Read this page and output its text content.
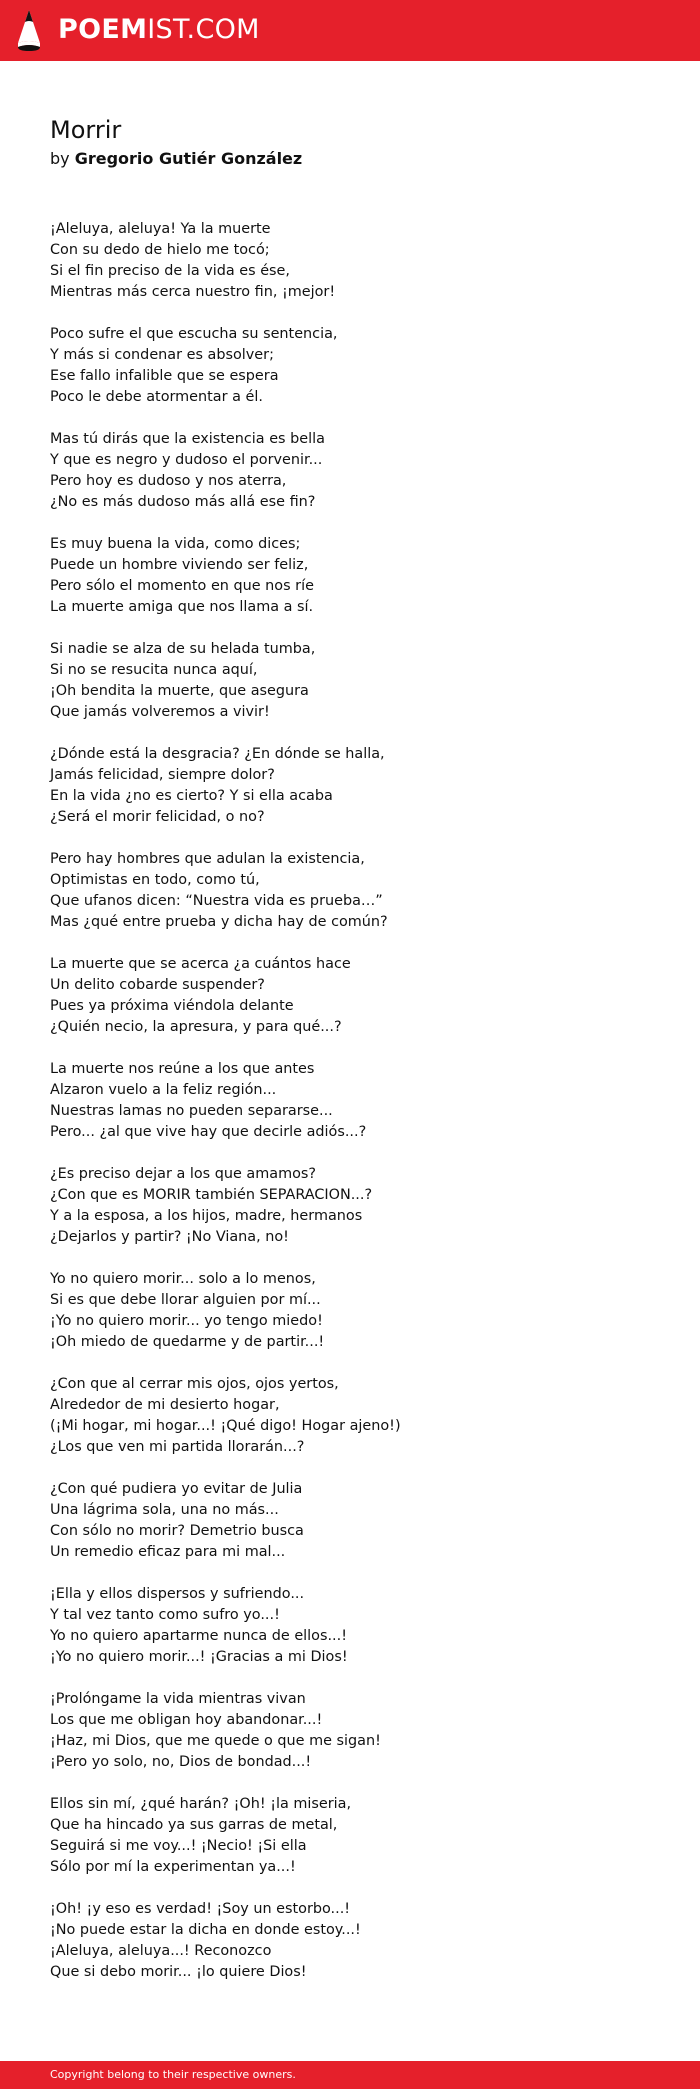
POEMIST.COM
Morrir
by Gregorio Gutiér González

¡Aleluya, aleluya! Ya la muerte
Con su dedo de hielo me tocó;
Si el fin preciso de la vida es ése,
Mientras más cerca nuestro fin, ¡mejor!

Poco sufre el que escucha su sentencia,
Y más si condenar es absolver;
Ese fallo infalible que se espera
Poco le debe atormentar a él.

Mas tú dirás que la existencia es bella
Y que es negro y dudoso el porvenir...
Pero hoy es dudoso y nos aterra,
¿No es más dudoso más allá ese fin?

Es muy buena la vida, como dices;
Puede un hombre viviendo ser feliz,
Pero sólo el momento en que nos ríe
La muerte amiga que nos llama a sí.

Si nadie se alza de su helada tumba,
Si no se resucita nunca aquí,
¡Oh bendita la muerte, que asegura
Que jamás volveremos a vivir!

¿Dónde está la desgracia? ¿En dónde se halla,
Jamás felicidad, siempre dolor?
En la vida ¿no es cierto? Y si ella acaba
¿Será el morir felicidad, o no?

Pero hay hombres que adulan la existencia,
Optimistas en todo, como tú,
Que ufanos dicen: “Nuestra vida es prueba…”
Mas ¿qué entre prueba y dicha hay de común?

La muerte que se acerca ¿a cuántos hace
Un delito cobarde suspender?
Pues ya próxima viéndola delante
¿Quién necio, la apresura, y para qué...?

La muerte nos reúne a los que antes
Alzaron vuelo a la feliz región...
Nuestras lamas no pueden separarse...
Pero... ¿al que vive hay que decirle adiós...?

¿Es preciso dejar a los que amamos?
¿Con que es MORIR también SEPARACION...?
Y a la esposa, a los hijos, madre, hermanos
¿Dejarlos y partir? ¡No Viana, no!

Yo no quiero morir... solo a lo menos,
Si es que debe llorar alguien por mí...
¡Yo no quiero morir... yo tengo miedo!
¡Oh miedo de quedarme y de partir...!

¿Con que al cerrar mis ojos, ojos yertos,
Alrededor de mi desierto hogar,
(¡Mi hogar, mi hogar...! ¡Qué digo! Hogar ajeno!)
¿Los que ven mi partida llorarán...?

¿Con qué pudiera yo evitar de Julia
Una lágrima sola, una no más...
Con sólo no morir? Demetrio busca
Un remedio eficaz para mi mal...

¡Ella y ellos dispersos y sufriendo...
Y tal vez tanto como sufro yo...!
Yo no quiero apartarme nunca de ellos...!
¡Yo no quiero morir...! ¡Gracias a mi Dios!

¡Prolóngame la vida mientras vivan
Los que me obligan hoy abandonar...!
¡Haz, mi Dios, que me quede o que me sigan!
¡Pero yo solo, no, Dios de bondad...!

Ellos sin mí, ¿qué harán? ¡Oh! ¡la miseria,
Que ha hincado ya sus garras de metal,
Seguirá si me voy...! ¡Necio! ¡Si ella
Sólo por mí la experimentan ya...!

¡Oh! ¡y eso es verdad! ¡Soy un estorbo...!
¡No puede estar la dicha en donde estoy...!
¡Aleluya, aleluya...! Reconozco
Que si debo morir... ¡lo quiere Dios!

Copyright belong to their respective owners.
